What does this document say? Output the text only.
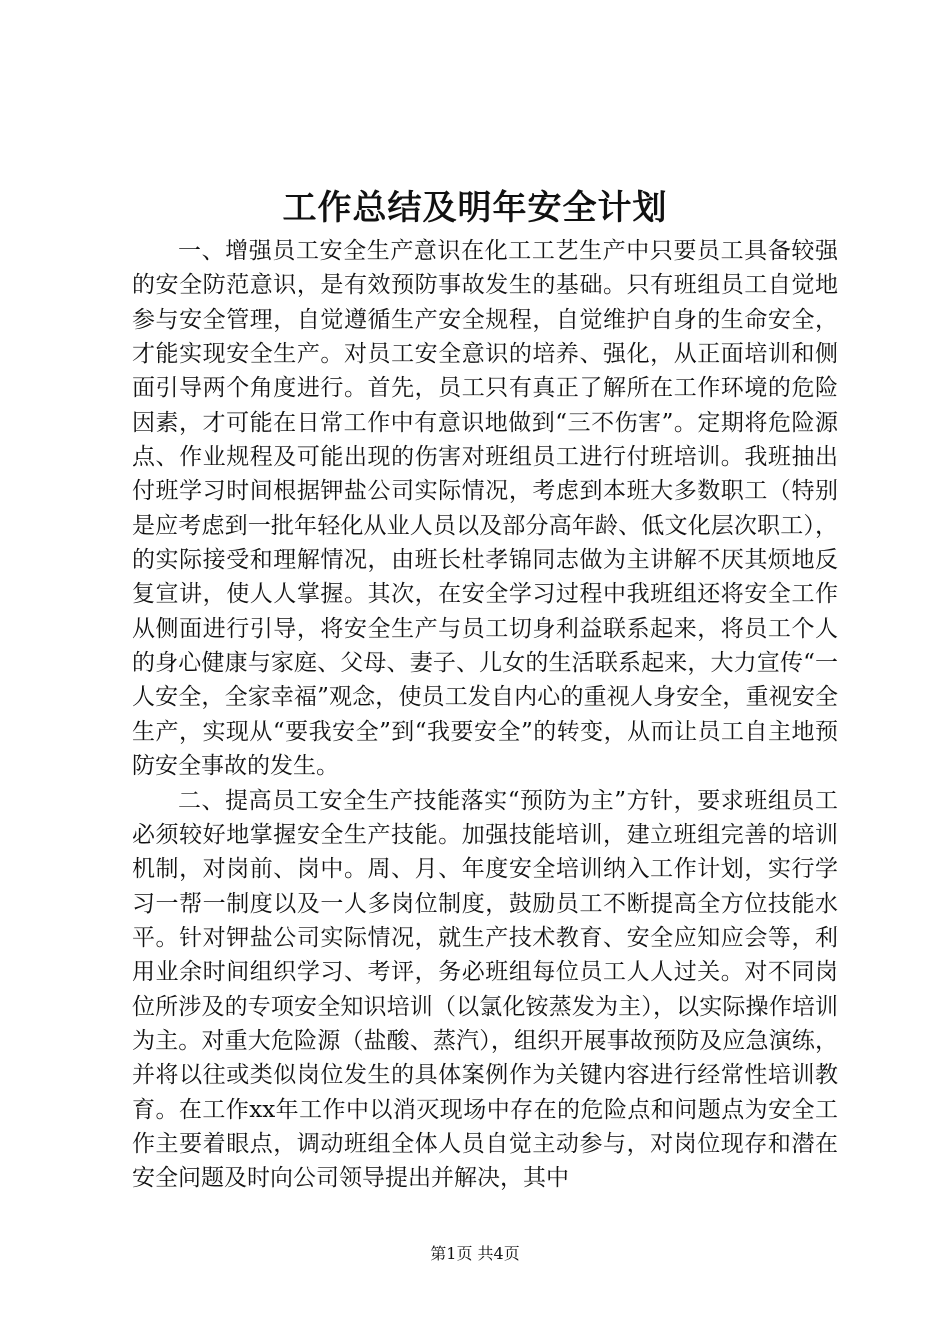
工作总结及明年安全计划

一、增强员工安全生产意识在化工工艺生产中只要员工具备较强的安全防范意识，是有效预防事故发生的基础。只有班组员工自觉地参与安全管理，自觉遵循生产安全规程，自觉维护自身的生命安全，才能实现安全生产。对员工安全意识的培养、强化，从正面培训和侧面引导两个角度进行。首先，员工只有真正了解所在工作环境的危险因素，才可能在日常工作中有意识地做到“三不伤害”。定期将危险源点、作业规程及可能出现的伤害对班组员工进行付班培训。我班抽出付班学习时间根据钾盐公司实际情况，考虑到本班大多数职工（特别是应考虑到一批年轻化从业人员以及部分高年龄、低文化层次职工），的实际接受和理解情况，由班长杜孝锦同志做为主讲解不厌其烦地反复宣讲，使人人掌握。其次，在安全学习过程中我班组还将安全工作从侧面进行引导，将安全生产与员工切身利益联系起来，将员工个人的身心健康与家庭、父母、妻子、儿女的生活联系起来，大力宣传“一人安全，全家幸福”观念，使员工发自内心的重视人身安全，重视安全生产，实现从“要我安全”到“我要安全”的转变，从而让员工自主地预防安全事故的发生。

二、提高员工安全生产技能落实“预防为主”方针，要求班组员工必须较好地掌握安全生产技能。加强技能培训，建立班组完善的培训机制，对岗前、岗中。周、月、年度安全培训纳入工作计划，实行学习一帮一制度以及一人多岗位制度，鼓励员工不断提高全方位技能水平。针对钾盐公司实际情况，就生产技术教育、安全应知应会等，利用业余时间组织学习、考评，务必班组每位员工人人过关。对不同岗位所涉及的专项安全知识培训（以氯化铵蒸发为主），以实际操作培训为主。对重大危险源（盐酸、蒸汽），组织开展事故预防及应急演练，并将以往或类似岗位发生的具体案例作为关键内容进行经常性培训教育。在工作xx年工作中以消灭现场中存在的危险点和问题点为安全工作主要着眼点，调动班组全体人员自觉主动参与，对岗位现存和潜在安全问题及时向公司领导提出并解决，其中

第1页 共4页
